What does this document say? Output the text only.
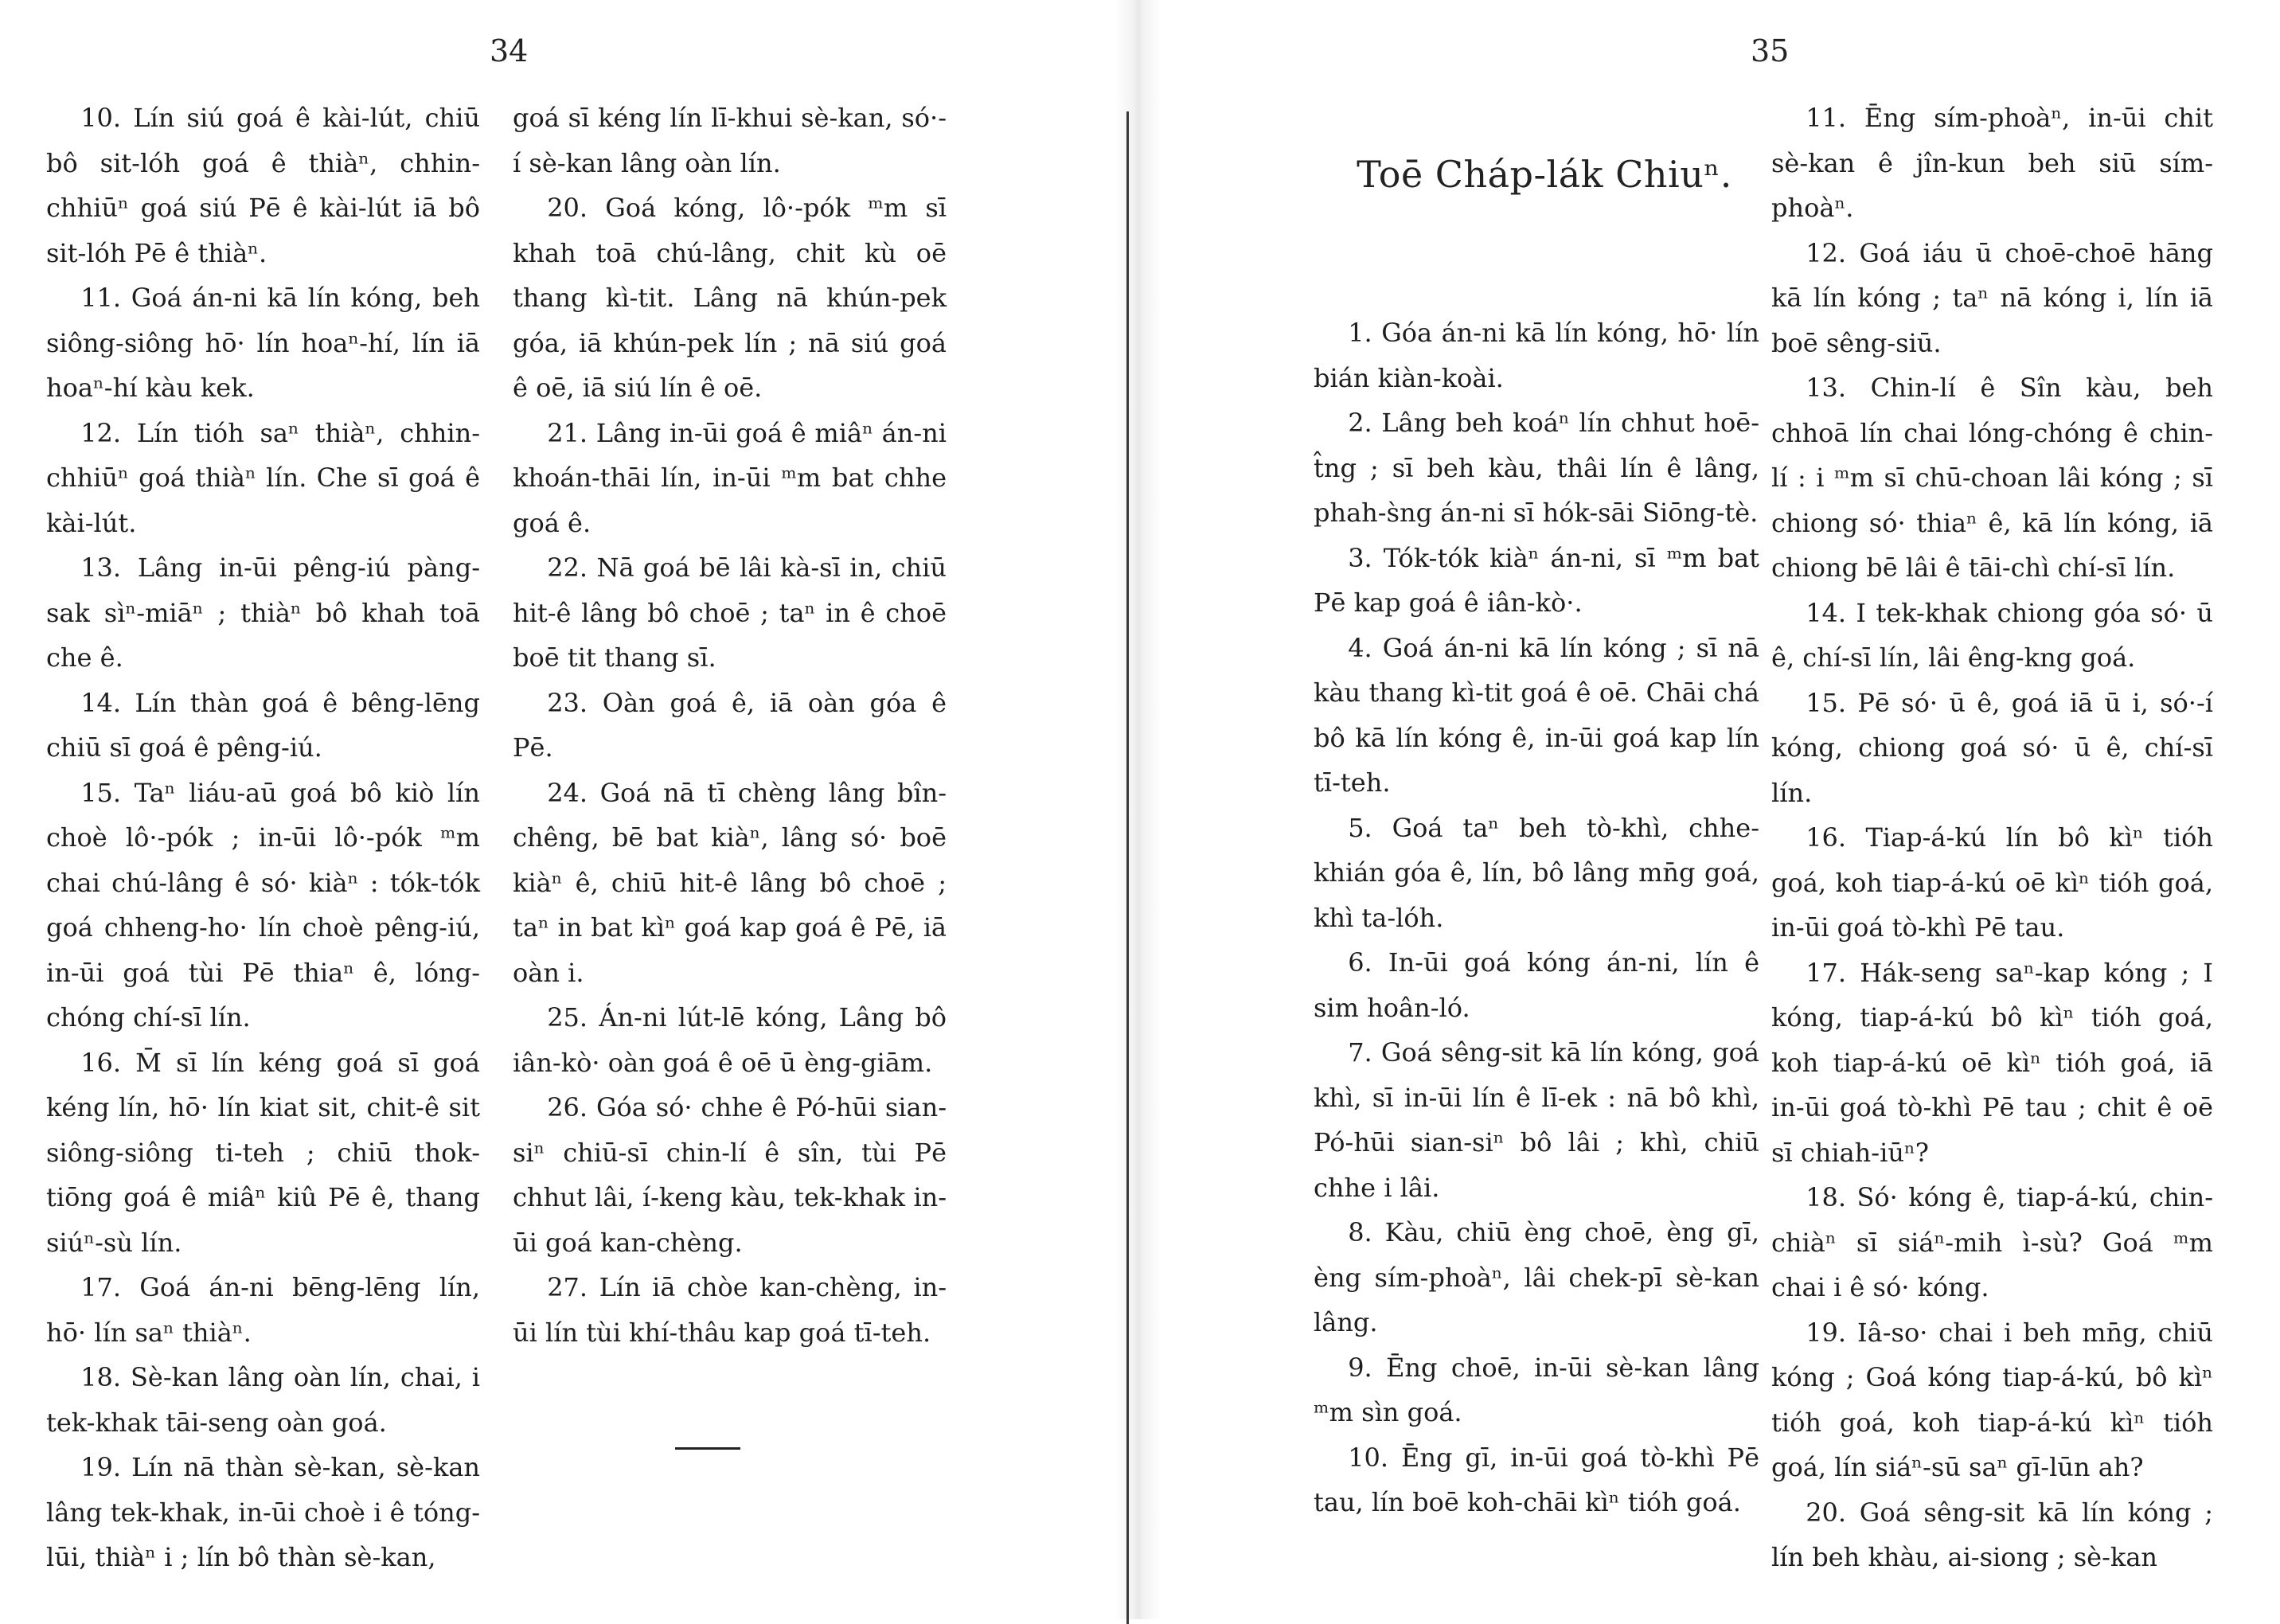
34

10. Lín siú goá ê kài-lút, chiū bô sit-lóh goá ê thiàⁿ, chhin-chhiūⁿ goá siú Pē ê kài-lút iā bô sit-lóh Pē ê thiàⁿ.

11. Goá án-ni kā lín kóng, beh siông-siông hō· lín hoaⁿ-hí, lín iā hoaⁿ-hí kàu kek.

12. Lín tióh saⁿ thiàⁿ, chhin-chhiūⁿ goá thiàⁿ lín. Che sī goá ê kài-lút.

13. Lâng in-ūi pêng-iú pàng-sak sìⁿ-miāⁿ ; thiàⁿ bô khah toā che ê.

14. Lín thàn goá ê bêng-lēng chiū sī goá ê pêng-iú.

15. Taⁿ liáu-aū goá bô kiò lín choè lô·-pók ; in-ūi lô·-pók ᵐm chai chú-lâng ê só· kiàⁿ : tók-tók goá chheng-ho· lín choè pêng-iú, in-ūi goá tùi Pē thiaⁿ ê, lóng-chóng chí-sī lín.

16. M̄ sī lín kéng goá sī goá kéng lín, hō· lín kiat sit, chit-ê sit siông-siông ti-teh ; chiū thok-tiōng goá ê miâⁿ kiû Pē ê, thang siúⁿ-sù lín.

17. Goá án-ni bēng-lēng lín, hō· lín saⁿ thiàⁿ.

18. Sè-kan lâng oàn lín, chai, i tek-khak tāi-seng oàn goá.

19. Lín nā thàn sè-kan, sè-kan lâng tek-khak, in-ūi choè i ê tóng-lūi, thiàⁿ i ; lín bô thàn sè-kan,

goá sī kéng lín lī-khui sè-kan, só·-í sè-kan lâng oàn lín.

20. Goá kóng, lô·-pók ᵐm sī khah toā chú-lâng, chit kù oē thang kì-tit. Lâng nā khún-pek góa, iā khún-pek lín ; nā siú goá ê oē, iā siú lín ê oē.

21. Lâng in-ūi goá ê miâⁿ án-ni khoán-thāi lín, in-ūi ᵐm bat chhe goá ê.

22. Nā goá bē lâi kà-sī in, chiū hit-ê lâng bô choē ; taⁿ in ê choē boē tit thang sī.

23. Oàn goá ê, iā oàn góa ê Pē.

24. Goá nā tī chèng lâng bîn-chêng, bē bat kiàⁿ, lâng só· boē kiàⁿ ê, chiū hit-ê lâng bô choē ; taⁿ in bat kìⁿ goá kap goá ê Pē, iā oàn i.

25. Án-ni lút-lē kóng, Lâng bô iân-kò· oàn goá ê oē ū èng-giām.

26. Góa só· chhe ê Pó-hūi sian-siⁿ chiū-sī chin-lí ê sîn, tùi Pē chhut lâi, í-keng kàu, tek-khak in-ūi goá kan-chèng.

27. Lín iā chòe kan-chèng, in-ūi lín tùi khí-thâu kap goá tī-teh.

35
Toē Cháp-lák Chiuⁿ.

1. Góa án-ni kā lín kóng, hō· lín bián kiàn-koài.

2. Lâng beh koáⁿ lín chhut hoē-t̂ng ; sī beh kàu, thâi lín ê lâng, phah-s̀ng án-ni sī hók-sāi Siōng-tè.

3. Tók-tók kiàⁿ án-ni, sī ᵐm bat Pē kap goá ê iân-kò·.

4. Goá án-ni kā lín kóng ; sī nā kàu thang kì-tit goá ê oē. Chāi chá bô kā lín kóng ê, in-ūi goá kap lín tī-teh.

5. Goá taⁿ beh tò-khì, chhe-khián góa ê, lín, bô lâng mn̄g goá, khì ta-lóh.

6. In-ūi goá kóng án-ni, lín ê sim hoân-ló.

7. Goá sêng-sit kā lín kóng, goá khì, sī in-ūi lín ê lī-ek : nā bô khì, Pó-hūi sian-siⁿ bô lâi ; khì, chiū chhe i lâi.

8. Kàu, chiū èng choē, èng gī, èng sím-phoàⁿ, lâi chek-pī sè-kan lâng.

9. Ēng choē, in-ūi sè-kan lâng ᵐm sìn goá.

10. Ēng gī, in-ūi goá tò-khì Pē tau, lín boē koh-chāi kìⁿ tióh goá.

11. Ēng sím-phoàⁿ, in-ūi chit sè-kan ê jîn-kun beh siū sím-phoàⁿ.

12. Goá iáu ū choē-choē hāng kā lín kóng ; taⁿ nā kóng i, lín iā boē sêng-siū.

13. Chin-lí ê Sîn kàu, beh chhoā lín chai lóng-chóng ê chin-lí : i ᵐm sī chū-choan lâi kóng ; sī chiong só· thiaⁿ ê, kā lín kóng, iā chiong bē lâi ê tāi-chì chí-sī lín.

14. I tek-khak chiong góa só· ū ê, chí-sī lín, lâi êng-kng goá.

15. Pē só· ū ê, goá iā ū i, só·-í kóng, chiong goá só· ū ê, chí-sī lín.

16. Tiap-á-kú lín bô kìⁿ tióh goá, koh tiap-á-kú oē kìⁿ tióh goá, in-ūi goá tò-khì Pē tau.

17. Hák-seng saⁿ-kap kóng ; I kóng, tiap-á-kú bô kìⁿ tióh goá, koh tiap-á-kú oē kìⁿ tióh goá, iā in-ūi goá tò-khì Pē tau ; chit ê oē sī chiah-iūⁿ?

18. Só· kóng ê, tiap-á-kú, chin-chiàⁿ sī siáⁿ-mih ì-sù? Goá ᵐm chai i ê só· kóng.

19. Iâ-so· chai i beh mn̄g, chiū kóng ; Goá kóng tiap-á-kú, bô kìⁿ tióh goá, koh tiap-á-kú kìⁿ tióh goá, lín siáⁿ-sū saⁿ gī-lūn ah?

20. Goá sêng-sit kā lín kóng ; lín beh khàu, ai-siong ; sè-kan
